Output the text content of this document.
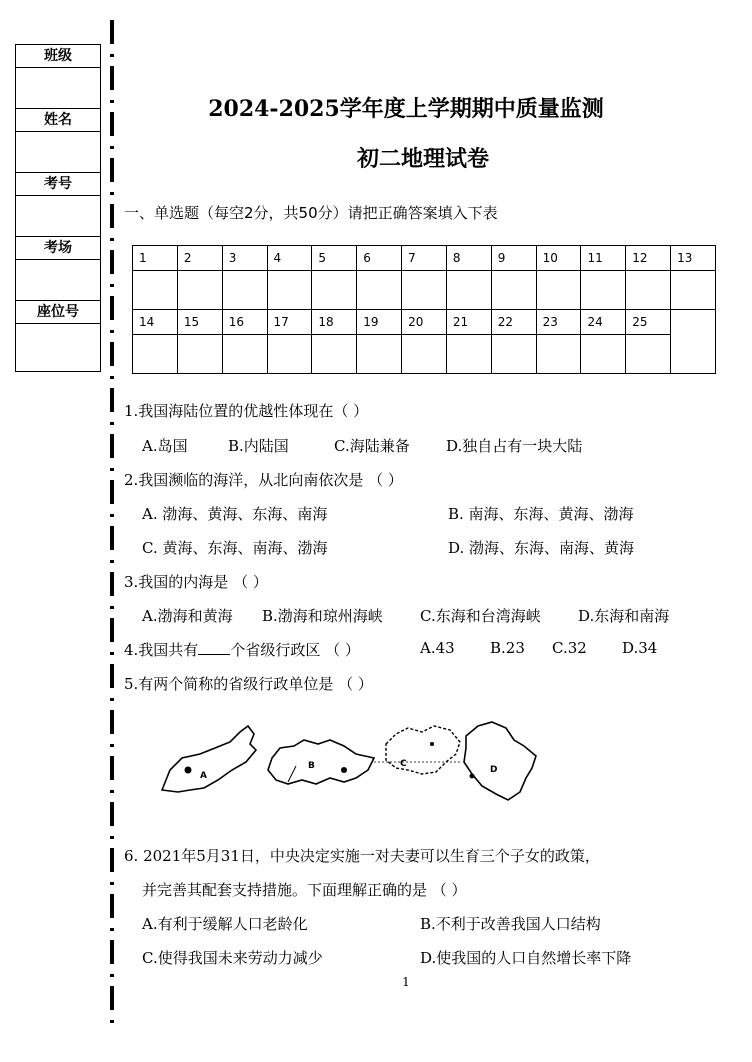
班级
姓名
考号
考场
座位号
2024-2025学年度上学期期中质量监测
初二地理试卷
一、单选题（每空2分，共50分）请把正确答案填入下表
1	2	3	4	5	6	7	8	9	10	11	12	13

14	15	16	17	18	19	20	21	22	23	24	25	

1.我国海陆位置的优越性体现在（ ）
A.岛国	B.内陆国	C.海陆兼备 D.独自占有一块大陆
2.我国濒临的海洋，从北向南依次是 （ ）
A. 渤海、黄海、东海、南海	B. 南海、东海、黄海、渤海
C. 黄海、东海、南海、渤海	D. 渤海、东海、南海、黄海
3.我国的内海是 （ ）
A.渤海和黄海 B.渤海和琼州海峡 C.东海和台湾海峡 D.东海和南海
4.我国共有 个省级行政区 （ ）	A.43 B.23 C.32 D.34
5.有两个简称的省级行政单位是 （ ）
A
B	C
D
6. 2021年5月31日，中央决定实施一对夫妻可以生育三个子女的政策，
并完善其配套支持措施。下面理解正确的是 （ ）
A.有利于缓解人口老龄化	B.不利于改善我国人口结构
C.使得我国未来劳动力减少	D.使我国的人口自然增长率下降
1
